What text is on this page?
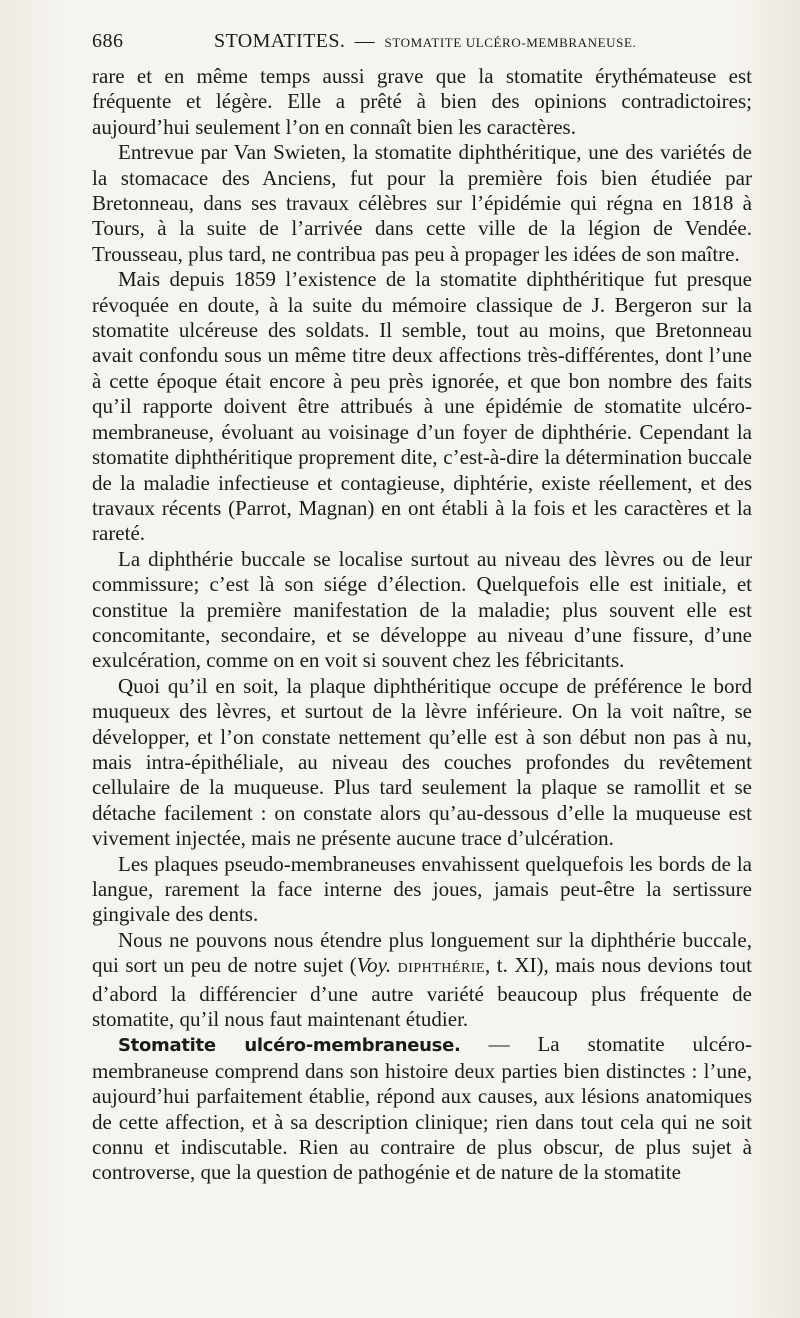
686	STOMATITES. — STOMATITE ULCÉRO-MEMBRANEUSE.

rare et en même temps aussi grave que la stomatite érythémateuse est fréquente et légère. Elle a prêté à bien des opinions contradictoires; aujourd’hui seulement l’on en connaît bien les caractères.

Entrevue par Van Swieten, la stomatite diphthéritique, une des variétés de la stomacace des Anciens, fut pour la première fois bien étudiée par Bretonneau, dans ses travaux célèbres sur l’épidémie qui régna en 1818 à Tours, à la suite de l’arrivée dans cette ville de la légion de Vendée. Trousseau, plus tard, ne contribua pas peu à propager les idées de son maître.

Mais depuis 1859 l’existence de la stomatite diphthéritique fut presque révoquée en doute, à la suite du mémoire classique de J. Bergeron sur la stomatite ulcéreuse des soldats. Il semble, tout au moins, que Bretonneau avait confondu sous un même titre deux affections très-différentes, dont l’une à cette époque était encore à peu près ignorée, et que bon nombre des faits qu’il rapporte doivent être attribués à une épidémie de stomatite ulcéro-membraneuse, évoluant au voisinage d’un foyer de diphthérie. Cependant la stomatite diphthéritique proprement dite, c’est-à-dire la détermination buccale de la maladie infectieuse et contagieuse, diphtérie, existe réellement, et des travaux récents (Parrot, Magnan) en ont établi à la fois et les caractères et la rareté.

La diphthérie buccale se localise surtout au niveau des lèvres ou de leur commissure; c’est là son siége d’élection. Quelquefois elle est initiale, et constitue la première manifestation de la maladie; plus souvent elle est concomitante, secondaire, et se développe au niveau d’une fissure, d’une exulcération, comme on en voit si souvent chez les fébricitants.

Quoi qu’il en soit, la plaque diphthéritique occupe de préférence le bord muqueux des lèvres, et surtout de la lèvre inférieure. On la voit naître, se développer, et l’on constate nettement qu’elle est à son début non pas à nu, mais intra-épithéliale, au niveau des couches profondes du revêtement cellulaire de la muqueuse. Plus tard seulement la plaque se ramollit et se détache facilement : on constate alors qu’au-dessous d’elle la muqueuse est vivement injectée, mais ne présente aucune trace d’ulcération.

Les plaques pseudo-membraneuses envahissent quelquefois les bords de la langue, rarement la face interne des joues, jamais peut-être la sertissure gingivale des dents.

Nous ne pouvons nous étendre plus longuement sur la diphthérie buccale, qui sort un peu de notre sujet (Voy. DIPHTHÉRIE, t. XI), mais nous devions tout d’abord la différencier d’une autre variété beaucoup plus fréquente de stomatite, qu’il nous faut maintenant étudier.

Stomatite ulcéro-membraneuse. — La stomatite ulcéro-membraneuse comprend dans son histoire deux parties bien distinctes : l’une, aujourd’hui parfaitement établie, répond aux causes, aux lésions anatomiques de cette affection, et à sa description clinique; rien dans tout cela qui ne soit connu et indiscutable. Rien au contraire de plus obscur, de plus sujet à controverse, que la question de pathogénie et de nature de la stomatite
